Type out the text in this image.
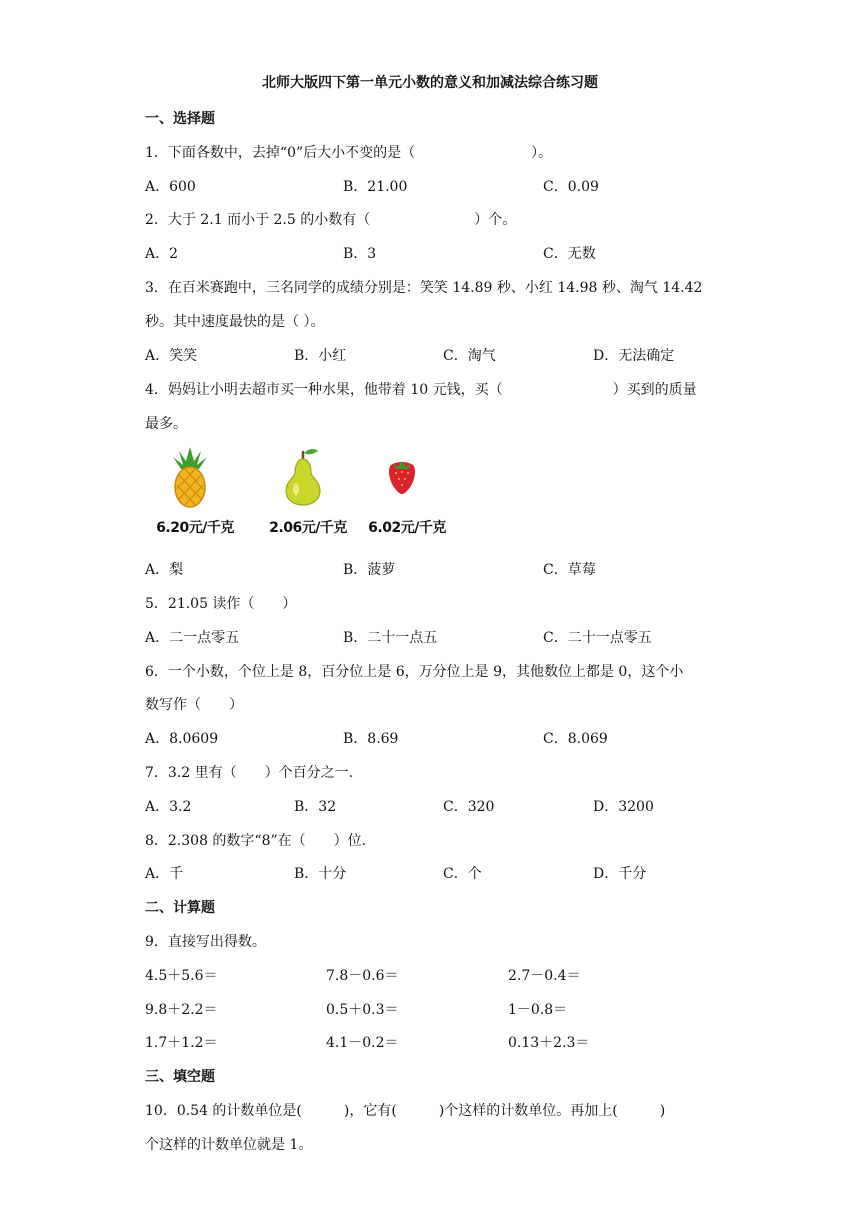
北师大版四下第一单元小数的意义和加减法综合练习题
一、选择题
1．下面各数中，去掉“0”后大小不变的是（	）。
A．600	B．21.00	C．0.09
2．大于 2.1 而小于 2.5 的小数有（	）个。
A．2	B．3	C．无数
3．在百米赛跑中，三名同学的成绩分别是：笑笑 14.89 秒、小红 14.98 秒、淘气 14.42
秒。其中速度最快的是（ ）。
A．笑笑	B．小红	C．淘气	D．无法确定
4．妈妈让小明去超市买一种水果，他带着 10 元钱，买（	）买到的质量
最多。
6.20元/千克	2.06元/千克	6.02元/千克
A．梨	B．菠萝	C．草莓
5．21.05 读作（　　）
A．二一点零五	B．二十一点五	C．二十一点零五
6．一个小数，个位上是 8，百分位上是 6，万分位上是 9，其他数位上都是 0，这个小
数写作（　　）
A．8.0609	B．8.69	C．8.069
7．3.2 里有（　　）个百分之一.
A．3.2	B．32	C．320	D．3200
8．2.308 的数字“8”在（　　）位.
A．千	B．十分	C．个	D．千分
二、计算题
9．直接写出得数。
4.5＋5.6＝	7.8－0.6＝	2.7－0.4＝
9.8＋2.2＝	0.5＋0.3＝	1－0.8＝
1.7＋1.2＝	4.1－0.2＝	0.13＋2.3＝
三、填空题
10．0.54 的计数单位是(　　　)，它有(　　　)个这样的计数单位。再加上(　　　)
个这样的计数单位就是 1。
